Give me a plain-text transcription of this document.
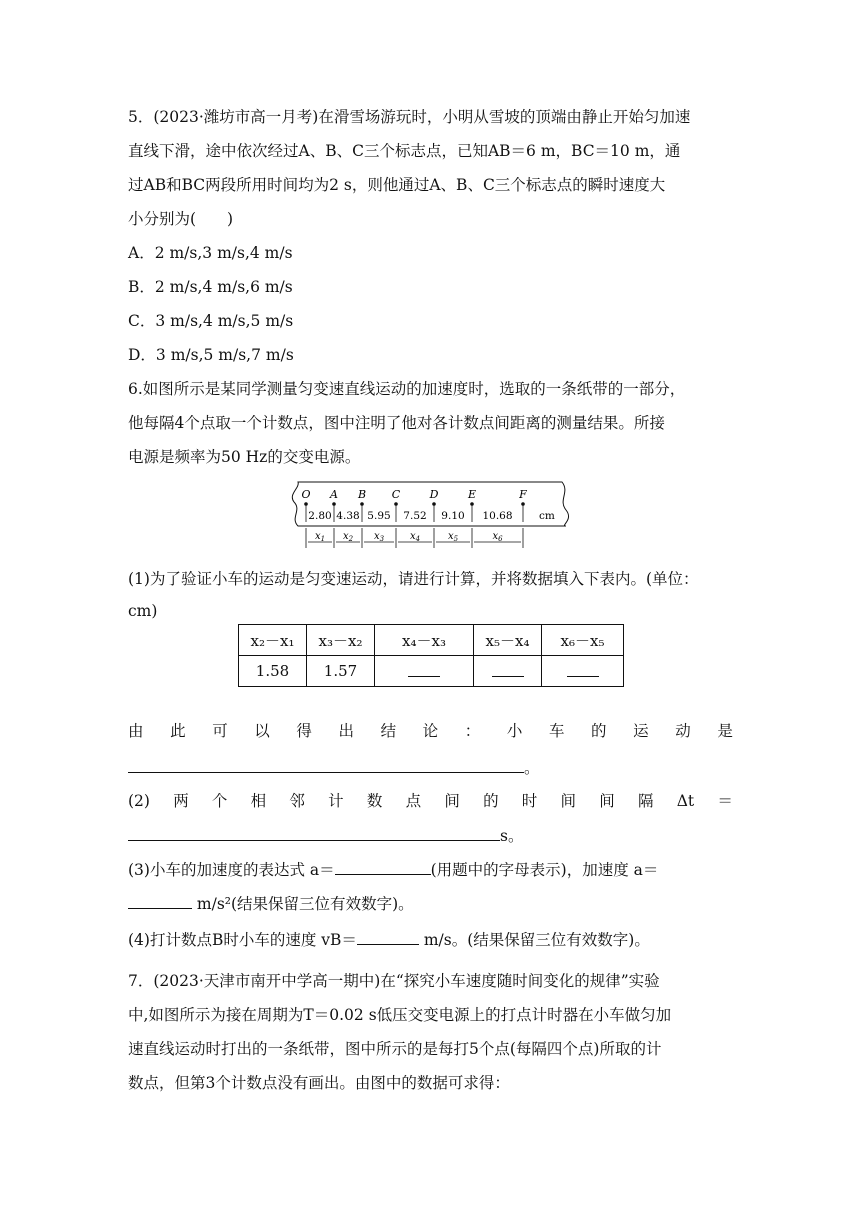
5．(2023·潍坊市高一月考)在滑雪场游玩时，小明从雪坡的顶端由静止开始匀加速
直线下滑，途中依次经过A、B、C三个标志点，已知AB＝6 m，BC＝10 m，通
过AB和BC两段所用时间均为2 s，则他通过A、B、C三个标志点的瞬时速度大
小分别为(　　)
A．2 m/s,3 m/s,4 m/s
B．2 m/s,4 m/s,6 m/s
C．3 m/s,4 m/s,5 m/s
D．3 m/s,5 m/s,7 m/s
6.如图所示是某同学测量匀变速直线运动的加速度时，选取的一条纸带的一部分，
他每隔4个点取一个计数点，图中注明了他对各计数点间距离的测量结果。所接
电源是频率为50 Hz的交变电源。
O A B C	D	E	F
2.80 4.38 5.95 7.52 9.10 10.68	cm
$x_1$ $x_2$ $x_3$	$x_4$	$x_5$	$x_6$
(1)为了验证小车的运动是匀变速运动，请进行计算，并将数据填入下表内。(单位：
cm)
x₂－x₁	x₃－x₂	x₄－x₃	x₅－x₄	x₆－x₅
1.58	1.57			
由 此 可 以 得 出 结 论 ： 小 车 的 运 动 是
。
(2) 两 个 相 邻 计 数 点 间 的 时 间 间 隔 Δt ＝
s。
(3)小车的加速度的表达式 a＝	(用题中的字母表示)，加速度 a＝
m/s²(结果保留三位有效数字)。
(4)打计数点B时小车的速度 vB＝	m/s。(结果保留三位有效数字)。
7．(2023·天津市南开中学高一期中)在“探究小车速度随时间变化的规律”实验
中,如图所示为接在周期为T＝0.02 s低压交变电源上的打点计时器在小车做匀加
速直线运动时打出的一条纸带，图中所示的是每打5个点(每隔四个点)所取的计
数点，但第3个计数点没有画出。由图中的数据可求得：
